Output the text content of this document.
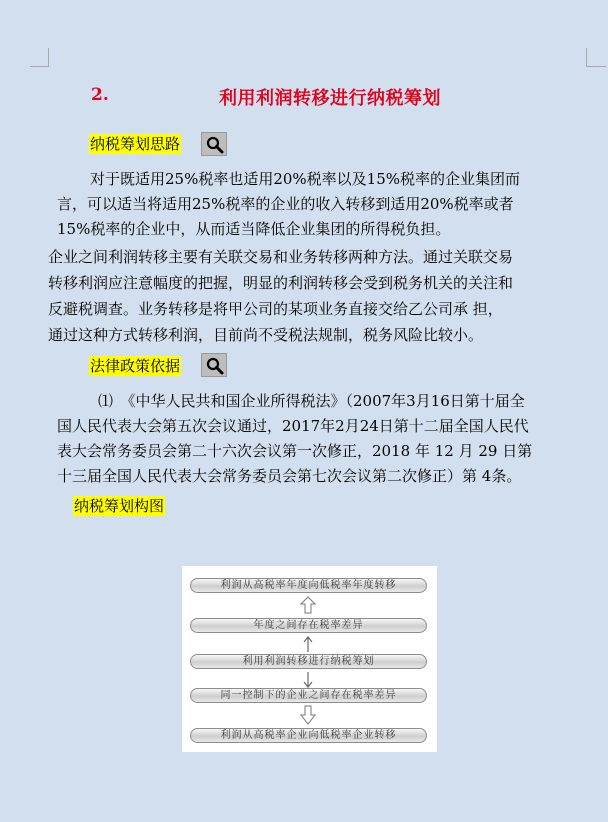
2.	利用利润转移进行纳税筹划
纳税筹划思路
对于既适用25%税率也适用20%税率以及15%税率的企业集团而
言，可以适当将适用25%税率的企业的收入转移到适用20%税率或者
15%税率的企业中，从而适当降低企业集团的所得税负担。
企业之间利润转移主要有关联交易和业务转移两种方法。通过关联交易
转移利润应注意幅度的把握，明显的利润转移会受到税务机关的关注和
反避税调查。业务转移是将甲公司的某项业务直接交给乙公司承 担，
通过这种方式转移利润，目前尚不受税法规制，税务风险比较小。
法律政策依据
⑴　《中华人民共和国企业所得税法》（2007年3月16日第十届全
国人民代表大会第五次会议通过，2017年2月24日第十二届全国人民代
表大会常务委员会第二十六次会议第一次修正，2018 年 12 月 29 日第
十三届全国人民代表大会常务委员会第七次会议第二次修正）第 4条。
纳税筹划构图
利润从高税率年度向低税率年度转移
年度之间存在税率差异
利用利润转移进行纳税筹划
同一控制下的企业之间存在税率差异
利润从高税率企业向低税率企业转移
